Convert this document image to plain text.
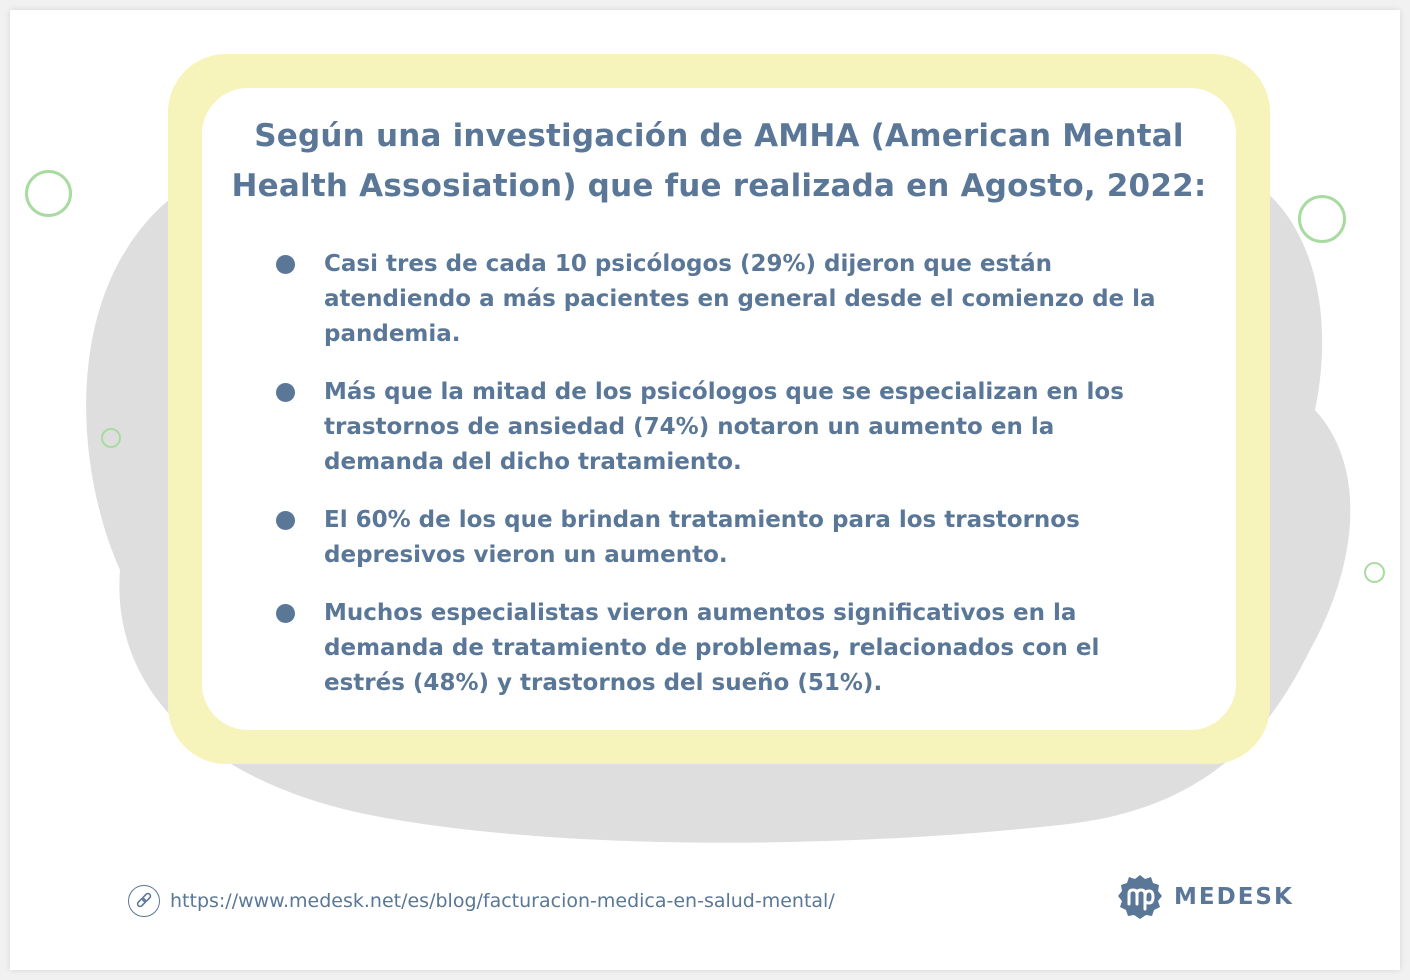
Según una investigación de AMHA (American Mental Health Assosiation) que fue realizada en Agosto, 2022:
Casi tres de cada 10 psicólogos (29%) dijeron que están atendiendo a más pacientes en general desde el comienzo de la pandemia.
Más que la mitad de los psicólogos que se especializan en los trastornos de ansiedad (74%) notaron un aumento en la demanda del dicho tratamiento.
El 60% de los que brindan tratamiento para los trastornos depresivos vieron un aumento.
Muchos especialistas vieron aumentos significativos en la demanda de tratamiento de problemas, relacionados con el estrés (48%) y trastornos del sueño (51%).
https://www.medesk.net/es/blog/facturacion-medica-en-salud-mental/	MEDESK
